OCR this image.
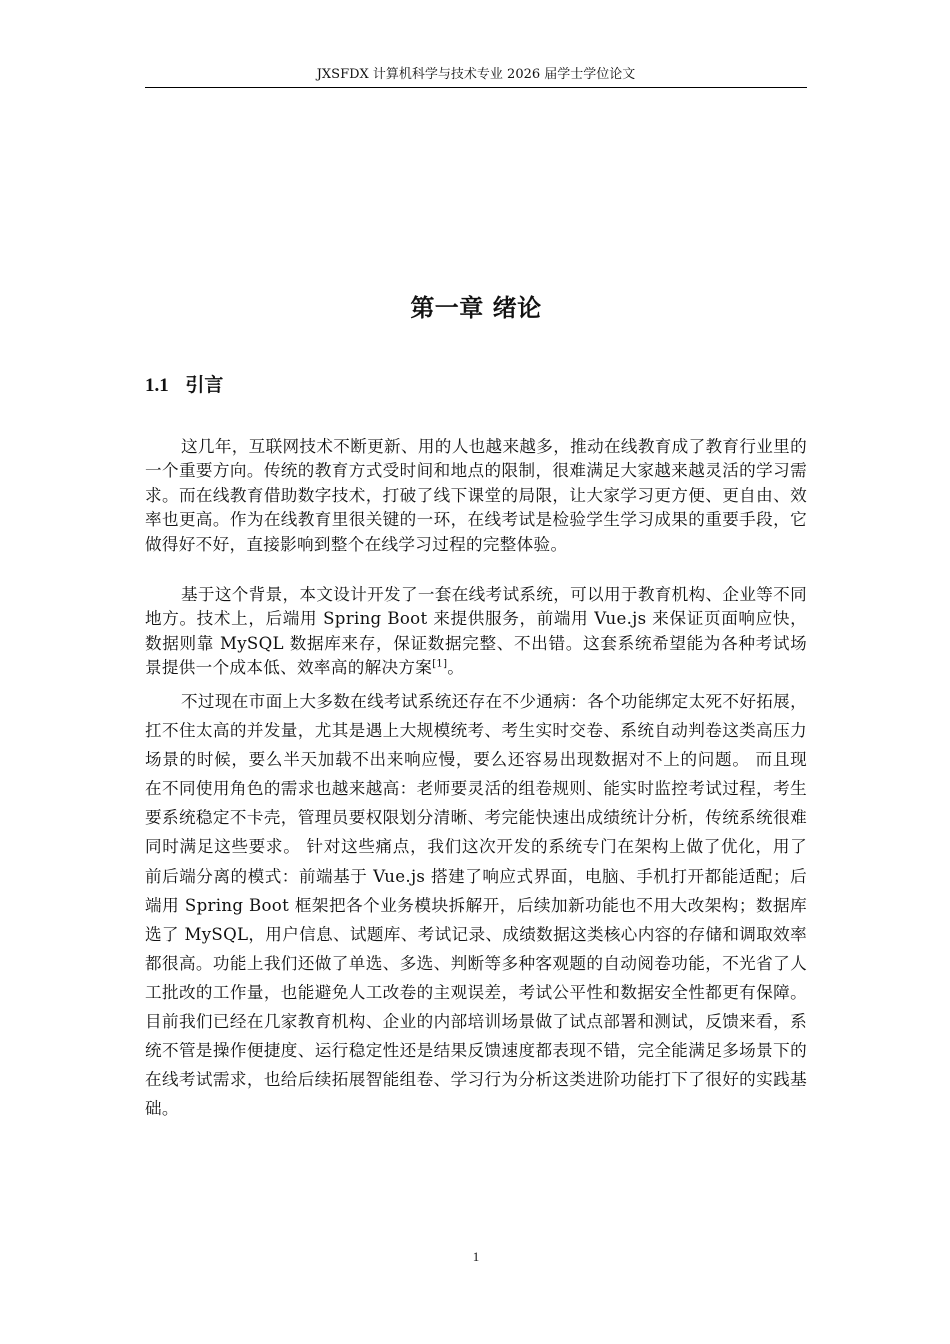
JXSFDX 计算机科学与技术专业 2026 届学士学位论文
第一章 绪论
1.1 引言

这几年，互联网技术不断更新、用的人也越来越多，推动在线教育成了教育行业里的一个重要方向。传统的教育方式受时间和地点的限制，很难满足大家越来越灵活的学习需求。而在线教育借助数字技术，打破了线下课堂的局限，让大家学习更方便、更自由、效率也更高。作为在线教育里很关键的一环，在线考试是检验学生学习成果的重要手段，它做得好不好，直接影响到整个在线学习过程的完整体验。

基于这个背景，本文设计开发了一套在线考试系统，可以用于教育机构、企业等不同地方。技术上，后端用 Spring Boot 来提供服务，前端用 Vue.js 来保证页面响应快，数据则靠 MySQL 数据库来存，保证数据完整、不出错。这套系统希望能为各种考试场景提供一个成本低、效率高的解决方案[1]。

不过现在市面上大多数在线考试系统还存在不少通病：各个功能绑定太死不好拓展，扛不住太高的并发量，尤其是遇上大规模统考、考生实时交卷、系统自动判卷这类高压力场景的时候，要么半天加载不出来响应慢，要么还容易出现数据对不上的问题。 而且现在不同使用角色的需求也越来越高：老师要灵活的组卷规则、能实时监控考试过程，考生要系统稳定不卡壳，管理员要权限划分清晰、考完能快速出成绩统计分析，传统系统很难同时满足这些要求。 针对这些痛点，我们这次开发的系统专门在架构上做了优化，用了前后端分离的模式：前端基于 Vue.js 搭建了响应式界面，电脑、手机打开都能适配；后端用 Spring Boot 框架把各个业务模块拆解开，后续加新功能也不用大改架构；数据库选了 MySQL，用户信息、试题库、考试记录、成绩数据这类核心内容的存储和调取效率都很高。功能上我们还做了单选、多选、判断等多种客观题的自动阅卷功能，不光省了人工批改的工作量，也能避免人工改卷的主观误差，考试公平性和数据安全性都更有保障。 目前我们已经在几家教育机构、企业的内部培训场景做了试点部署和测试，反馈来看，系统不管是操作便捷度、运行稳定性还是结果反馈速度都表现不错，完全能满足多场景下的在线考试需求，也给后续拓展智能组卷、学习行为分析这类进阶功能打下了很好的实践基础。

1
